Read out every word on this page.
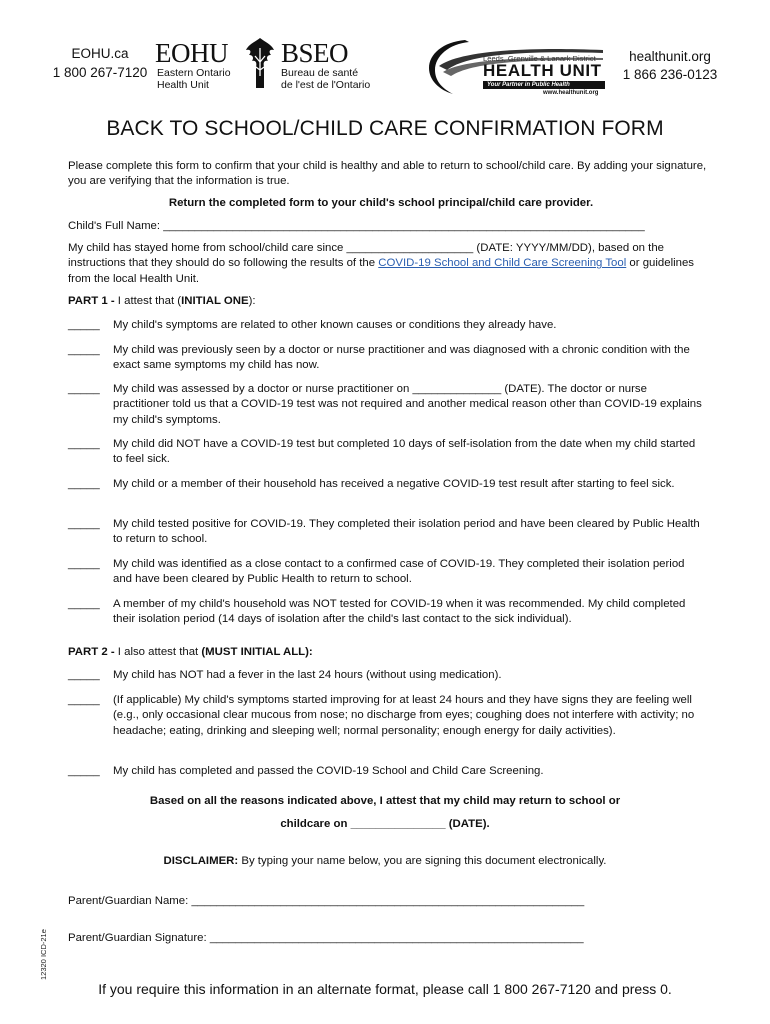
EOHU.ca
1 800 267-7120
EOHU BSEO
Eastern Ontario
Health Unit
Bureau de santé
de l'est de l'Ontario
Leeds, Grenville & Lanark District
HEALTH UNIT
Your Partner in Public Health
www.healthunit.org
healthunit.org
1 866 236-0123
BACK TO SCHOOL/CHILD CARE CONFIRMATION FORM
Please complete this form to confirm that your child is healthy and able to return to school/child care. By adding your signature, you are verifying that the information is true.
Return the completed form to your child's school principal/child care provider.
Child's Full Name: ____________________________________________________________________________
My child has stayed home from school/child care since ____________________ (DATE: YYYY/MM/DD), based on the instructions that they should do so following the results of the COVID-19 School and Child Care Screening Tool or guidelines from the local Health Unit.
PART 1 - I attest that (INITIAL ONE):
_____	My child's symptoms are related to other known causes or conditions they already have.
_____	My child was previously seen by a doctor or nurse practitioner and was diagnosed with a chronic condition with the exact same symptoms my child has now.
_____	My child was assessed by a doctor or nurse practitioner on ______________ (DATE). The doctor or nurse practitioner told us that a COVID-19 test was not required and another medical reason other than COVID-19 explains my child's symptoms.
_____	My child did NOT have a COVID-19 test but completed 10 days of self-isolation from the date when my child started to feel sick.
_____	My child or a member of their household has received a negative COVID-19 test result after starting to feel sick.
_____	My child tested positive for COVID-19. They completed their isolation period and have been cleared by Public Health to return to school.
_____	My child was identified as a close contact to a confirmed case of COVID-19. They completed their isolation period and have been cleared by Public Health to return to school.
_____	A member of my child's household was NOT tested for COVID-19 when it was recommended. My child completed their isolation period (14 days of isolation after the child's last contact to the sick individual).
PART 2 - I also attest that (MUST INITIAL ALL):
_____	My child has NOT had a fever in the last 24 hours (without using medication).
_____	(If applicable) My child's symptoms started improving for at least 24 hours and they have signs they are feeling well (e.g., only occasional clear mucous from nose; no discharge from eyes; coughing does not interfere with activity; no headache; eating, drinking and sleeping well; normal personality; enough energy for daily activities).
_____	My child has completed and passed the COVID-19 School and Child Care Screening.
Based on all the reasons indicated above, I attest that my child may return to school or
childcare on _______________ (DATE).
DISCLAIMER: By typing your name below, you are signing this document electronically.
Parent/Guardian Name: ______________________________________________________________
Parent/Guardian Signature: ___________________________________________________________
12320 ICD-21e
If you require this information in an alternate format, please call 1 800 267-7120 and press 0.
